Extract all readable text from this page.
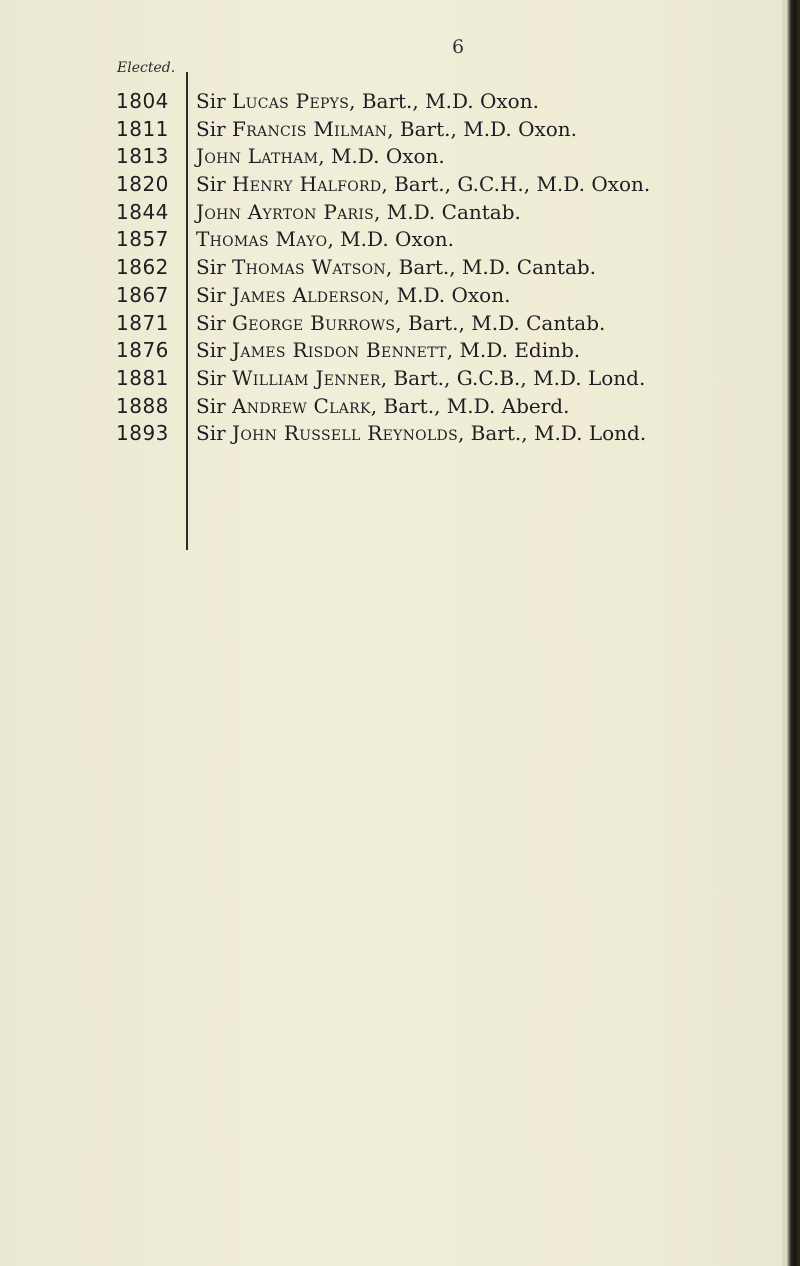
6
Elected.
1804 Sir Lucas Pepys, Bart., M.D. Oxon.
1811 Sir Francis Milman, Bart., M.D. Oxon.
1813 John Latham, M.D. Oxon.
1820 Sir Henry Halford, Bart., G.C.H., M.D. Oxon.
1844 John Ayrton Paris, M.D. Cantab.
1857 Thomas Mayo, M.D. Oxon.
1862 Sir Thomas Watson, Bart., M.D. Cantab.
1867 Sir James Alderson, M.D. Oxon.
1871 Sir George Burrows, Bart., M.D. Cantab.
1876 Sir James Risdon Bennett, M.D. Edinb.
1881 Sir William Jenner, Bart., G.C.B., M.D. Lond.
1888 Sir Andrew Clark, Bart., M.D. Aberd.
1893 Sir John Russell Reynolds, Bart., M.D. Lond.
